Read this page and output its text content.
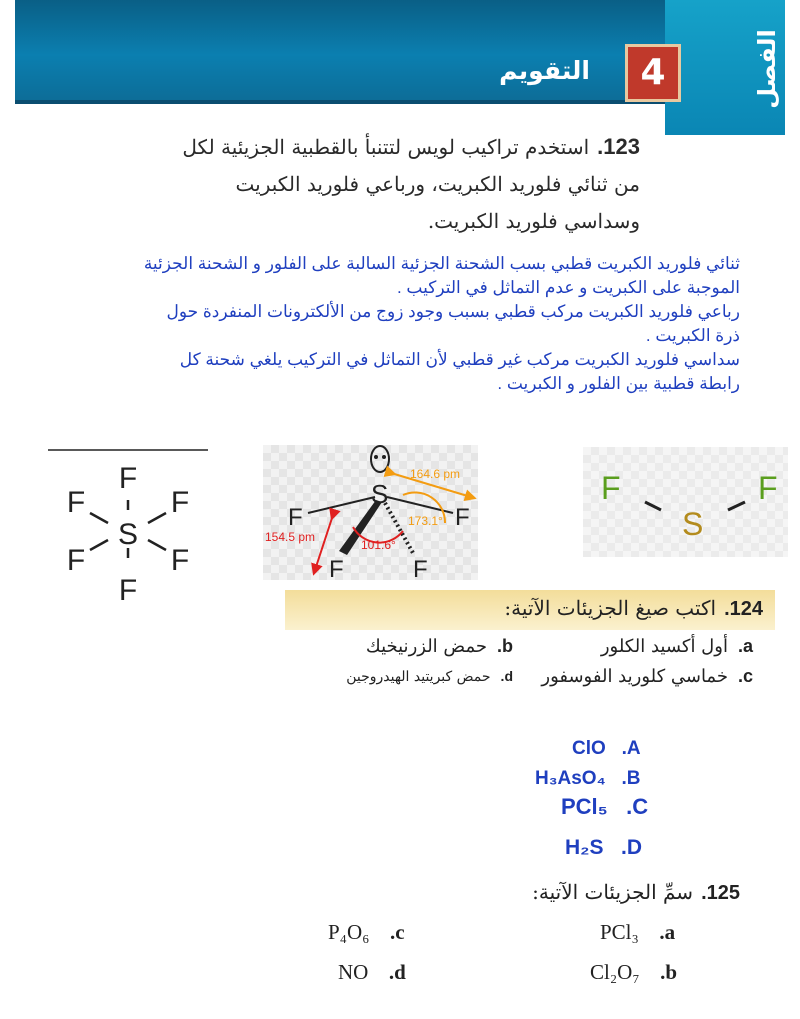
التقويم	4	الفصل
123.استخدم تراكيب لويس لتتنبأ بالقطبية الجزيئية لكل من ثنائي فلوريد الكبريت، ورباعي فلوريد الكبريت وسداسي فلوريد الكبريت.
ثنائي فلوريد الكبريت قطبي بسب الشحنة الجزئية السالبة على الفلور و الشحنة الجزئية الموجبة على الكبريت و عدم التماثل في التركيب .
رباعي فلوريد الكبريت مركب قطبي بسبب وجود زوج من الألكترونات المنفردة حول ذرة الكبريت .
سداسي فلوريد الكبريت مركب غير قطبي لأن التماثل في التركيب يلغي شحنة كل رابطة قطبية بين الفلور و الكبريت .
S
F
F
F	F
F	F
S
F	F
F	F
164.6 pm
173.1°
154.5 pm
101.6°
F	F
S
124.اكتب صيغ الجزيئات الآتية:
a.أول أكسيد الكلور
b.حمض الزرنيخيك
c.خماسي كلوريد الفوسفور
d.حمض كبريتيد الهيدروجين
ClO .A
H₃AsO₄ .B
PCl₅ .C
H₂S .D
125.سمِّ الجزيئات الآتية:
PCl₃ .a
Cl₂O₇ .b
P₄O₆ .c
NO .d
